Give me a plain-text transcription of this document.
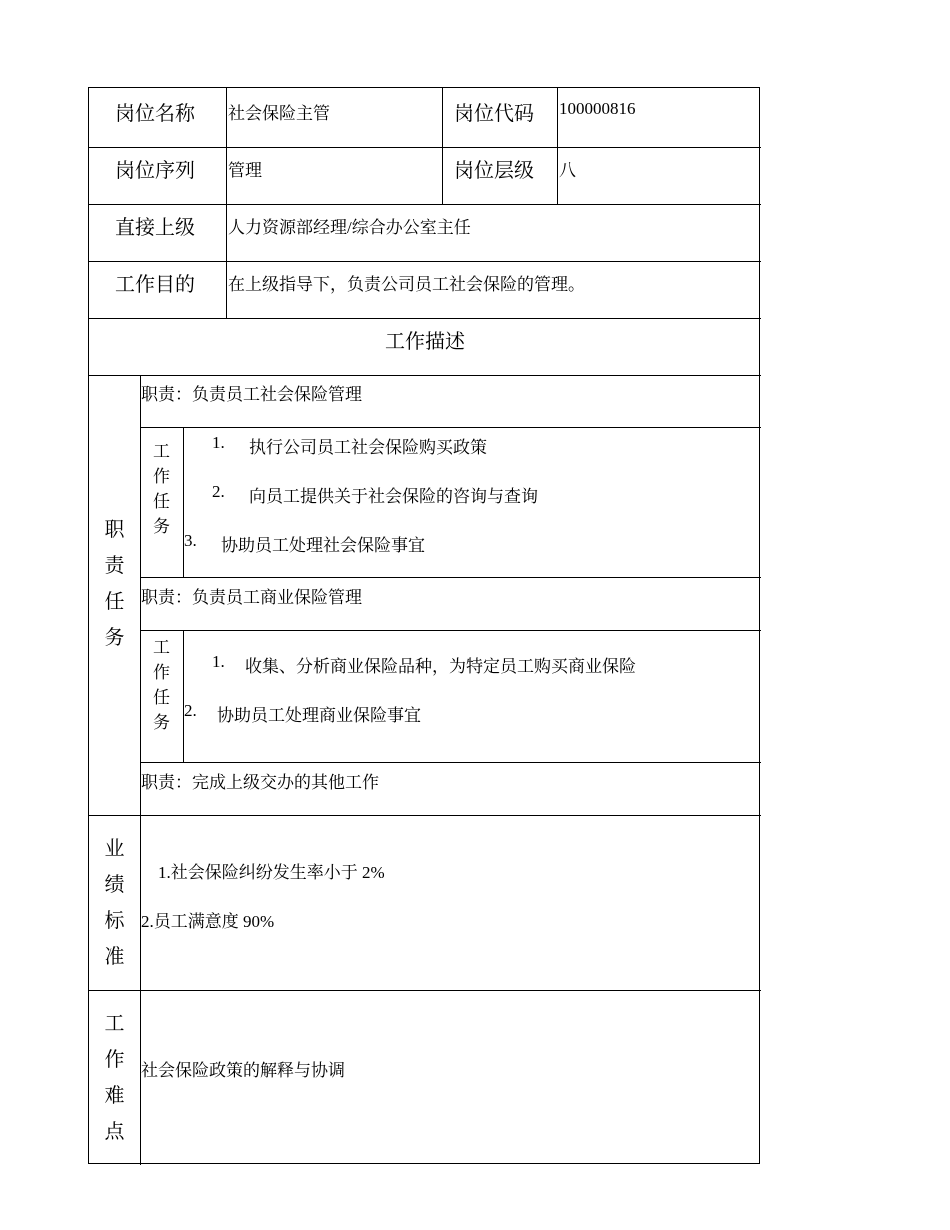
岗位名称 社会保险主管	岗位代码 100000816
岗位序列 管理	岗位层级 八
直接上级 人力资源部经理/综合办公室主任
工作目的 在上级指导下，负责公司员工社会保险的管理。
工作描述
职
责
任
务
职责：负责员工社会保险管理
工
作
任
务
1. 执行公司员工社会保险购买政策
2. 向员工提供关于社会保险的咨询与查询
3. 协助员工处理社会保险事宜
职责：负责员工商业保险管理
工
作
任
务
1. 收集、分析商业保险品种，为特定员工购买商业保险
2. 协助员工处理商业保险事宜
职责：完成上级交办的其他工作
业
绩
标
准
1.社会保险纠纷发生率小于 2%
2.员工满意度 90%
工
作
难
点
社会保险政策的解释与协调
